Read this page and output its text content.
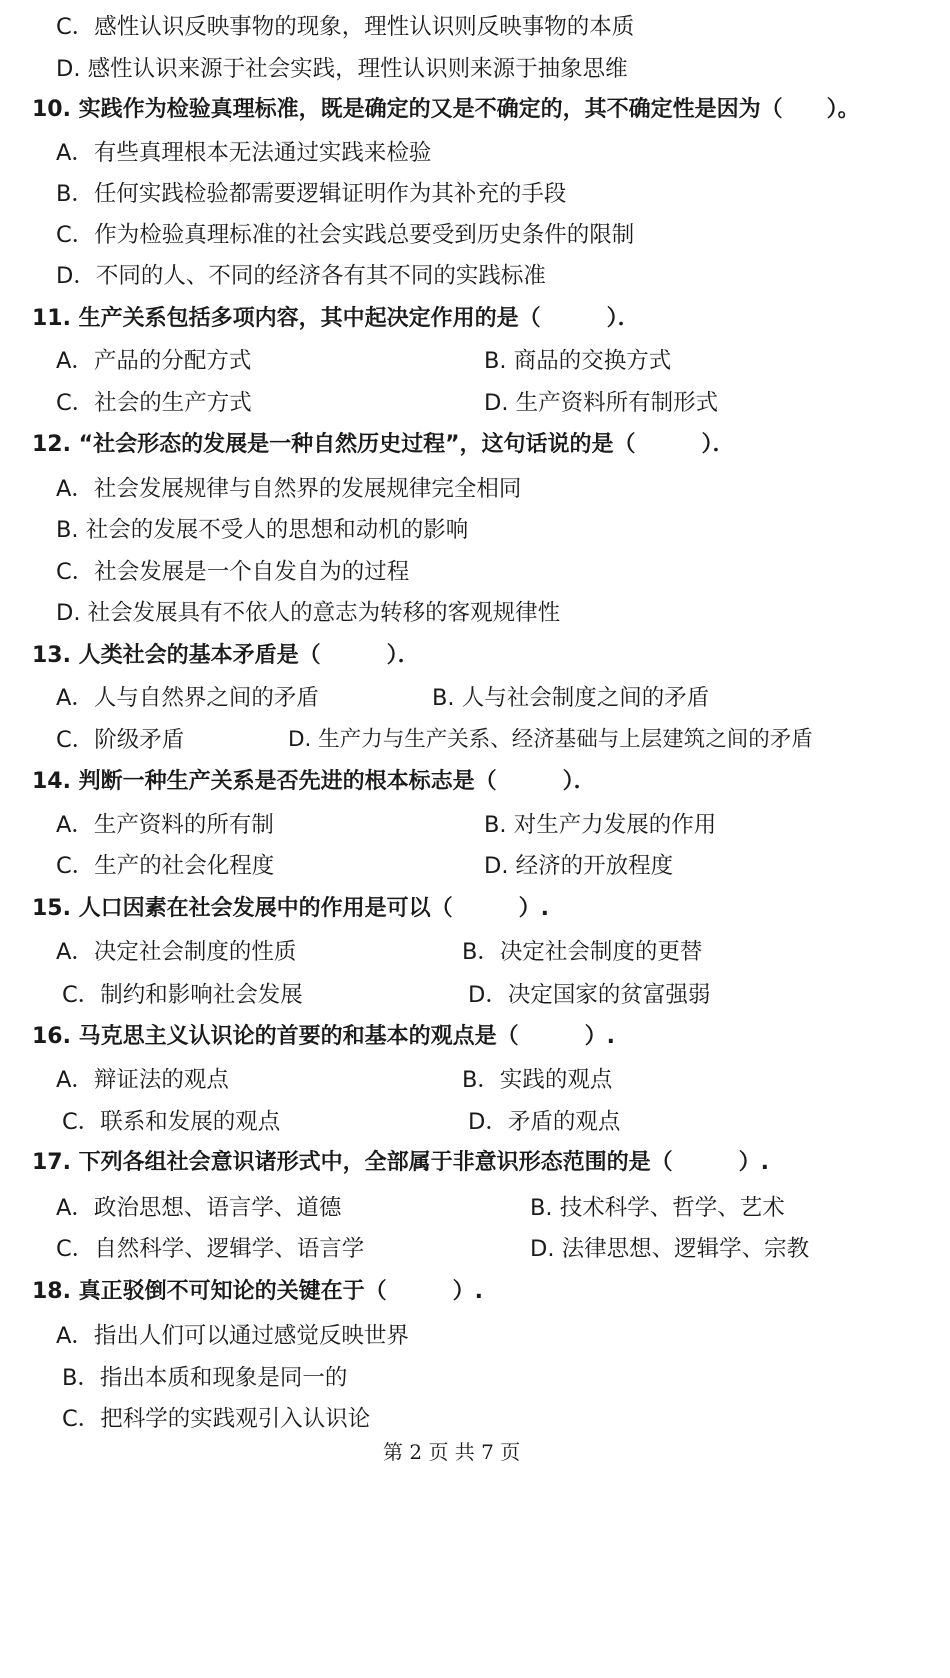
C．感性认识反映事物的现象，理性认识则反映事物的本质
D. 感性认识来源于社会实践，理性认识则来源于抽象思维
10. 实践作为检验真理标准，既是确定的又是不确定的，其不确定性是因为（　　）。
A．有些真理根本无法通过实践来检验
B．任何实践检验都需要逻辑证明作为其补充的手段
C．作为检验真理标准的社会实践总要受到历史条件的限制
D．不同的人、不同的经济各有其不同的实践标准
11. 生产关系包括多项内容，其中起决定作用的是（　　　）．
A．产品的分配方式	B. 商品的交换方式
C．社会的生产方式	D. 生产资料所有制形式
12. “社会形态的发展是一种自然历史过程”，这句话说的是（　　　）．
A．社会发展规律与自然界的发展规律完全相同
B. 社会的发展不受人的思想和动机的影响
C．社会发展是一个自发自为的过程
D. 社会发展具有不依人的意志为转移的客观规律性
13. 人类社会的基本矛盾是（　　　）．
A．人与自然界之间的矛盾	B. 人与社会制度之间的矛盾
C．阶级矛盾	D. 生产力与生产关系、经济基础与上层建筑之间的矛盾
14. 判断一种生产关系是否先进的根本标志是（　　　）．
A．生产资料的所有制	B. 对生产力发展的作用
C．生产的社会化程度	D. 经济的开放程度
15. 人口因素在社会发展中的作用是可以（　　　）.
A．决定社会制度的性质	B．决定社会制度的更替
C．制约和影响社会发展	D．决定国家的贫富强弱
16. 马克思主义认识论的首要的和基本的观点是（　　　）.
A．辩证法的观点	B．实践的观点
C．联系和发展的观点	D．矛盾的观点
17. 下列各组社会意识诸形式中，全部属于非意识形态范围的是（　　　）.
A．政治思想、语言学、道德	B. 技术科学、哲学、艺术
C．自然科学、逻辑学、语言学	D. 法律思想、逻辑学、宗教
18. 真正驳倒不可知论的关键在于（　　　）.
A．指出人们可以通过感觉反映世界
B．指出本质和现象是同一的
C．把科学的实践观引入认识论
第 2 页 共 7 页
